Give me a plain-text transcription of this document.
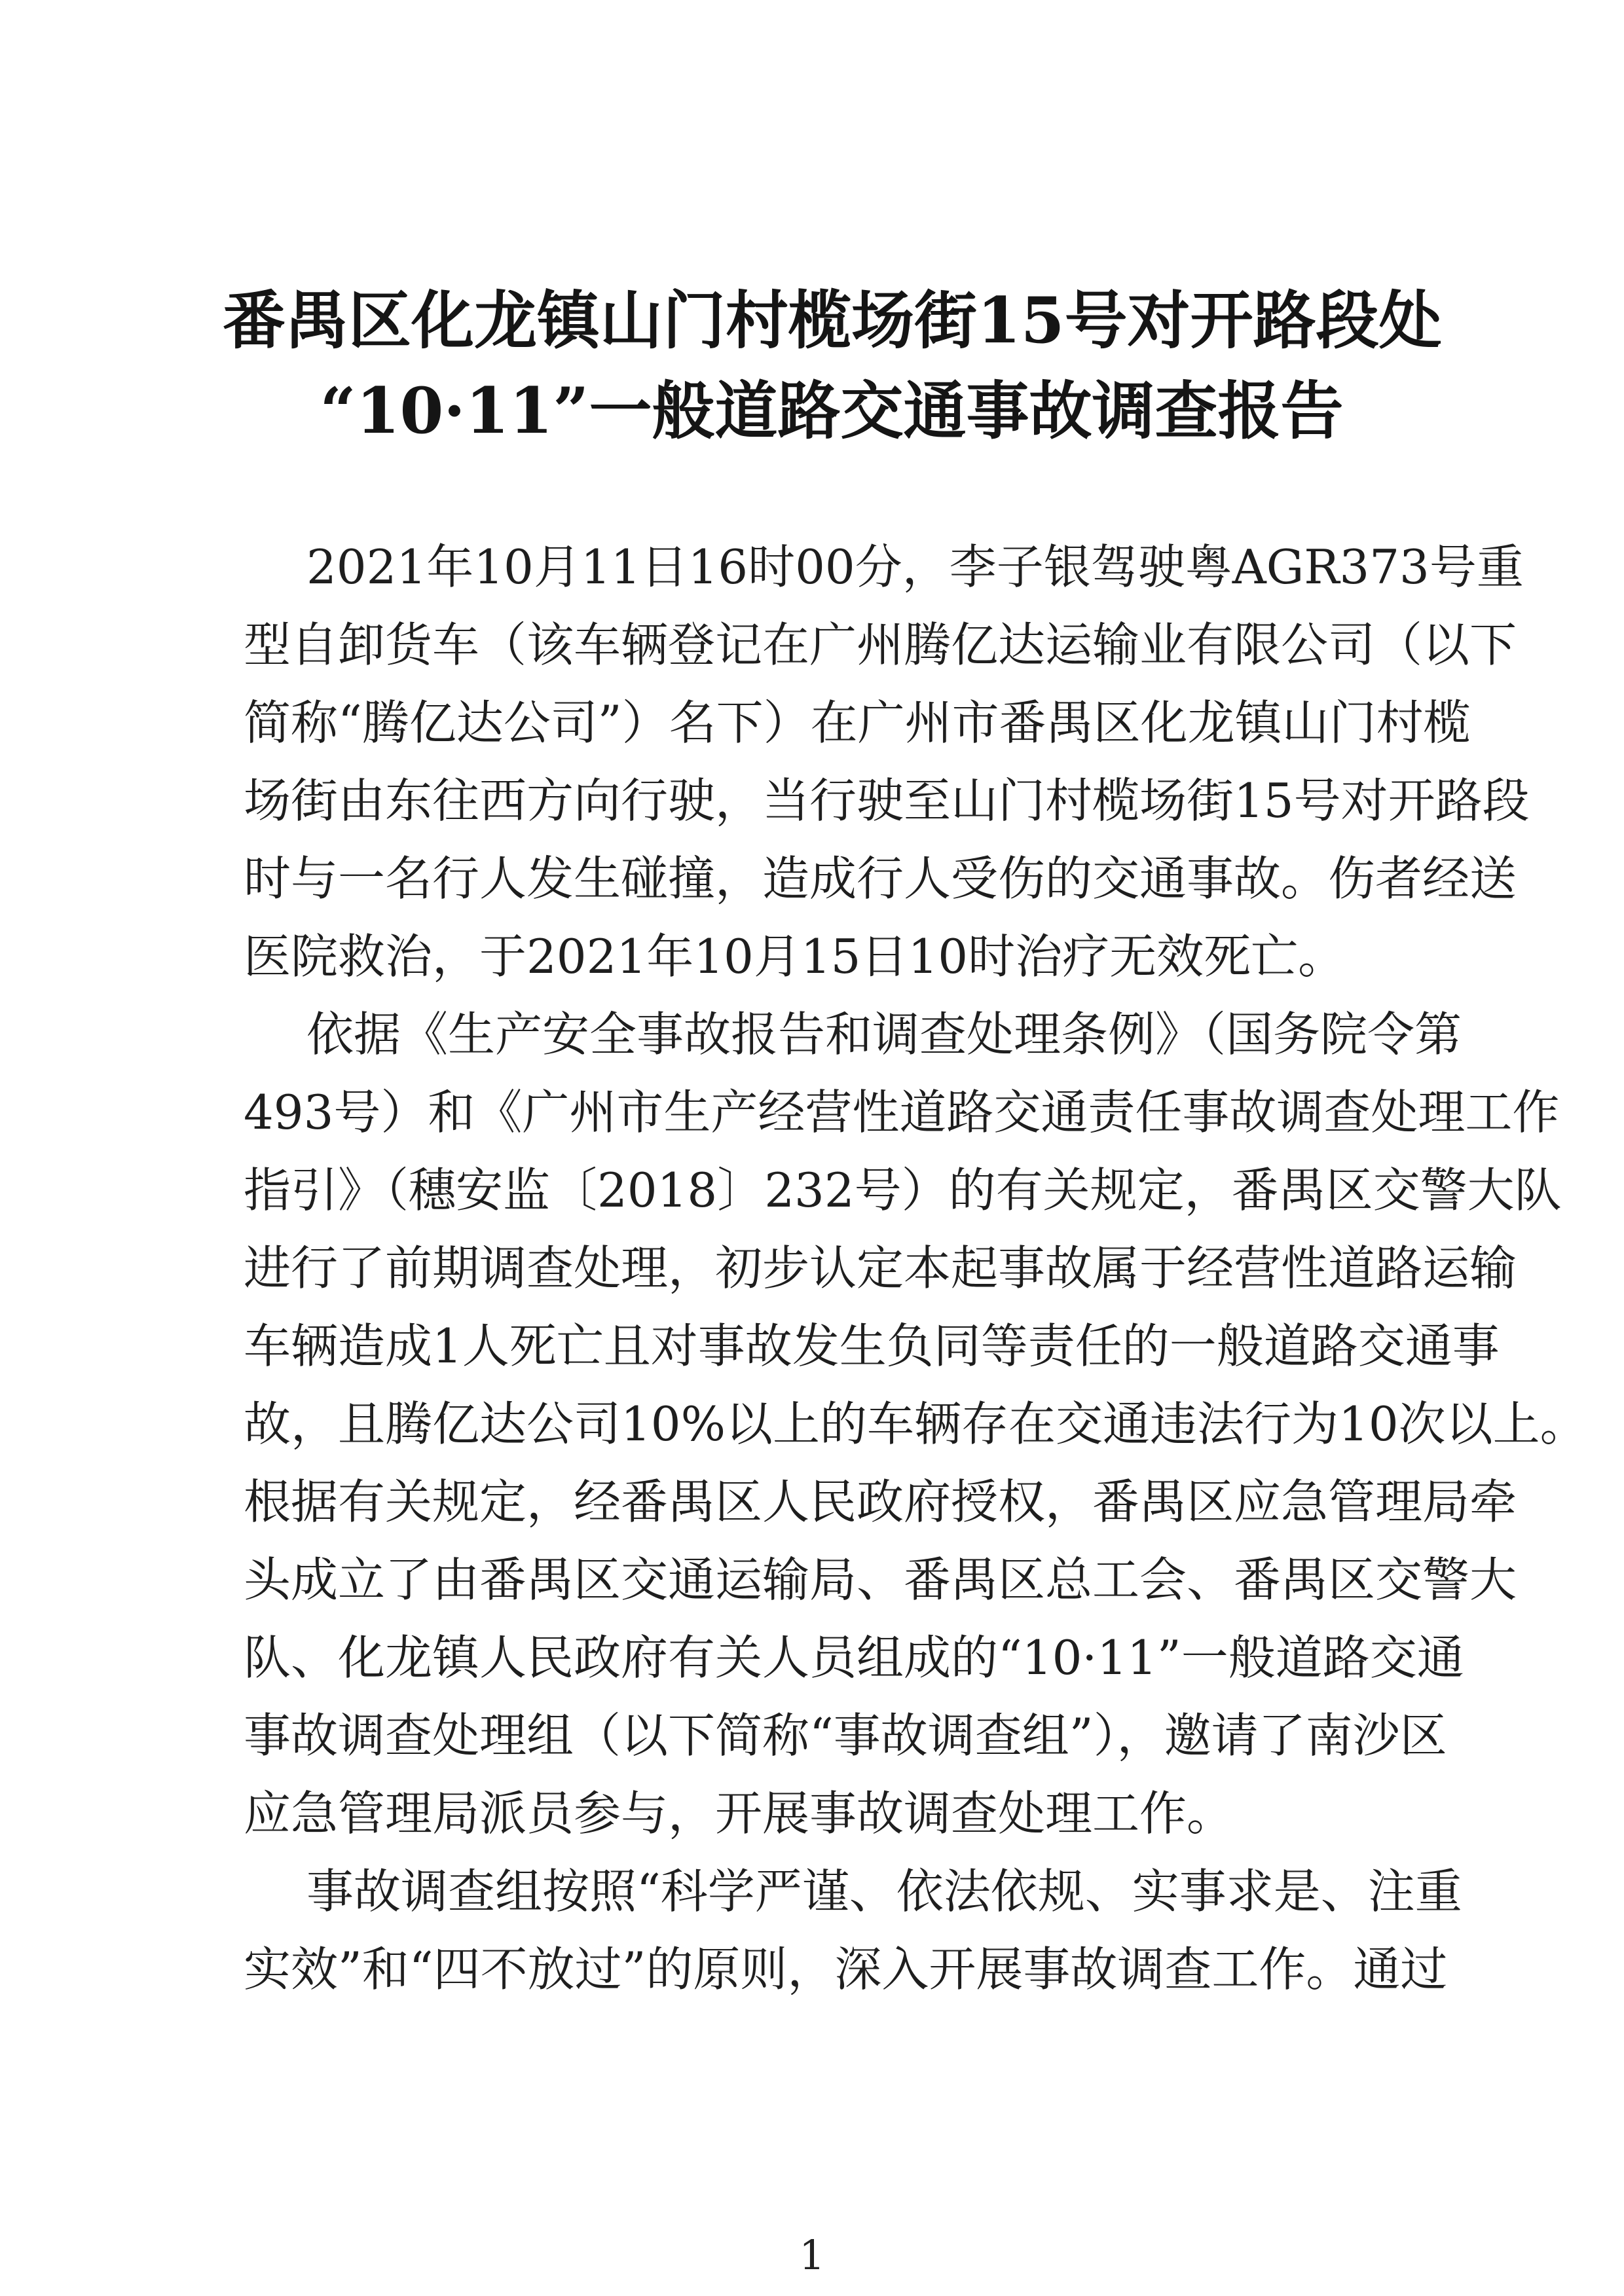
番禺区化龙镇山门村榄场街15号对开路段处
“10·11”一般道路交通事故调查报告
2021年10月11日16时00分，李子银驾驶粤AGR373号重
型自卸货车（该车辆登记在广州腾亿达运输业有限公司（以下
简称“腾亿达公司”）名下）在广州市番禺区化龙镇山门村榄
场街由东往西方向行驶，当行驶至山门村榄场街15号对开路段
时与一名行人发生碰撞，造成行人受伤的交通事故。伤者经送
医院救治，于2021年10月15日10时治疗无效死亡。
依据《生产安全事故报告和调查处理条例》（国务院令第
493号）和《广州市生产经营性道路交通责任事故调查处理工作
指引》（穗安监〔2018〕232号）的有关规定，番禺区交警大队
进行了前期调查处理，初步认定本起事故属于经营性道路运输
车辆造成1人死亡且对事故发生负同等责任的一般道路交通事
故，且腾亿达公司10%以上的车辆存在交通违法行为10次以上。
根据有关规定，经番禺区人民政府授权，番禺区应急管理局牵
头成立了由番禺区交通运输局、番禺区总工会、番禺区交警大
队、化龙镇人民政府有关人员组成的“10·11”一般道路交通
事故调查处理组（以下简称“事故调查组”），邀请了南沙区
应急管理局派员参与，开展事故调查处理工作。
事故调查组按照“科学严谨、依法依规、实事求是、注重
实效”和“四不放过”的原则，深入开展事故调查工作。通过
1
